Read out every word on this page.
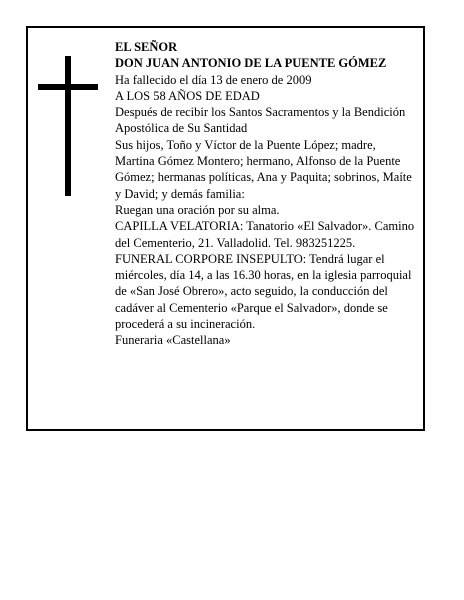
EL SEÑOR

DON JUAN ANTONIO DE LA PUENTE GÓMEZ

Ha fallecido el día 13 de enero de 2009

A LOS 58 AÑOS DE EDAD

Después de recibir los Santos Sacramentos y la Bendición Apostólica de Su Santidad

Sus hijos, Toño y Víctor de la Puente López; madre, Martina Gómez Montero; hermano, Alfonso de la Puente Gómez; hermanas políticas, Ana y Paquita; sobrinos, Maíte y David; y demás familia:

Ruegan una oración por su alma.

CAPILLA VELATORIA: Tanatorio «El Salvador». Camino del Cementerio, 21. Valladolid. Tel. 983251225.

FUNERAL CORPORE INSEPULTO: Tendrá lugar el miércoles, día 14, a las 16.30 horas, en la iglesia parroquial de «San José Obrero», acto seguido, la conducción del cadáver al Cementerio «Parque el Salvador», donde se procederá a su incineración.

Funeraria «Castellana»
